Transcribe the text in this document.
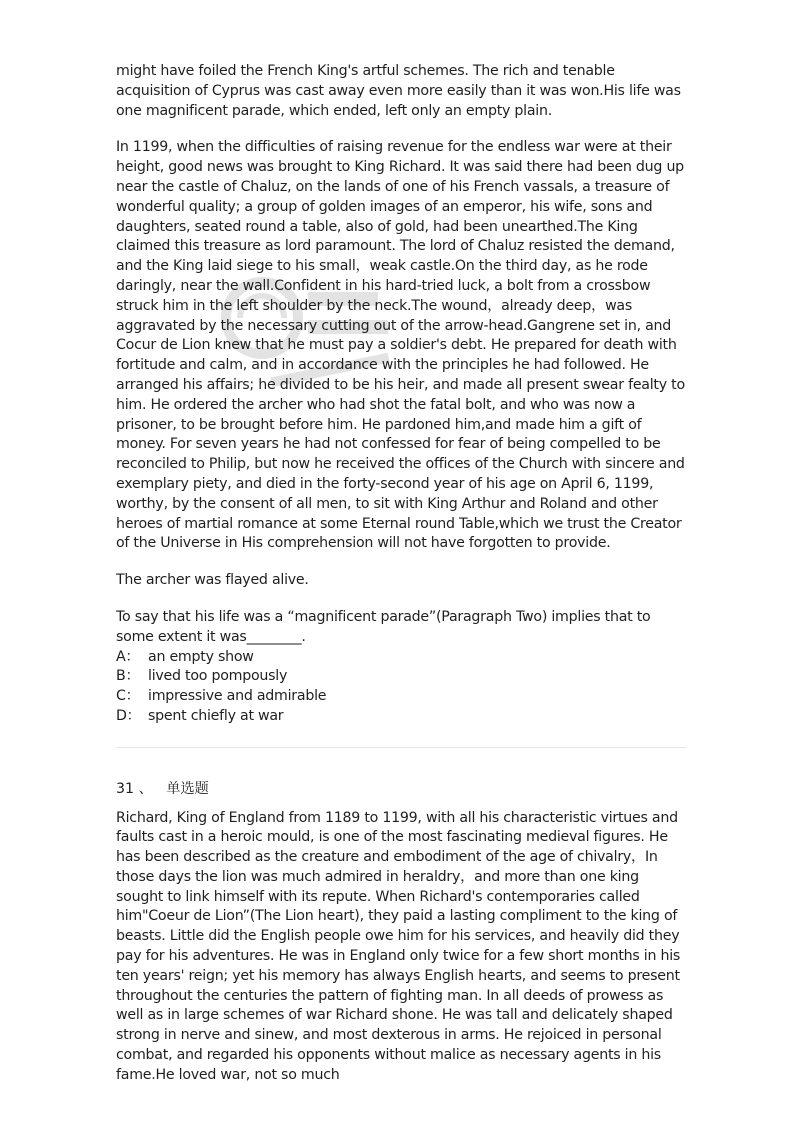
might have foiled the French King's artful schemes. The rich and tenable acquisition of Cyprus was cast away even more easily than it was won.His life was one magnificent parade, which ended, left only an empty plain.

In 1199, when the difficulties of raising revenue for the endless war were at their height, good news was brought to King Richard. It was said there had been dug up near the castle of Chaluz, on the lands of one of his French vassals, a treasure of wonderful quality; a group of golden images of an emperor, his wife, sons and daughters, seated round a table, also of gold, had been unearthed.The King claimed this treasure as lord paramount. The lord of Chaluz resisted the demand, and the King laid siege to his small，weak castle.On the third day, as he rode daringly, near the wall.Confident in his hard-tried luck, a bolt from a crossbow struck him in the left shoulder by the neck.The wound，already deep，was aggravated by the necessary cutting out of the arrow-head.Gangrene set in, and Cocur de Lion knew that he must pay a soldier's debt. He prepared for death with fortitude and calm, and in accordance with the principles he had followed. He arranged his affairs; he divided to be his heir, and made all present swear fealty to him. He ordered the archer who had shot the fatal bolt, and who was now a prisoner, to be brought before him. He pardoned him,and made him a gift of money. For seven years he had not confessed for fear of being compelled to be reconciled to Philip, but now he received the offices of the Church with sincere and exemplary piety, and died in the forty-second year of his age on April 6, 1199, worthy, by the consent of all men, to sit with King Arthur and Roland and other heroes of martial romance at some Eternal round Table,which we trust the Creator of the Universe in His comprehension will not have forgotten to provide.

The archer was flayed alive.

To say that his life was a “magnificent parade”(Paragraph Two) implies that to some extent it was________.

A： an empty show
B： lived too pompously
C： impressive and admirable
D： spent chiefly at war
31 、 单选题

Richard, King of England from 1189 to 1199, with all his characteristic virtues and faults cast in a heroic mould, is one of the most fascinating medieval figures. He has been described as the creature and embodiment of the age of chivalry，In those days the lion was much admired in heraldry，and more than one king sought to link himself with its repute. When Richard's contemporaries called him"Coeur de Lion”(The Lion heart), they paid a lasting compliment to the king of beasts. Little did the English people owe him for his services, and heavily did they pay for his adventures. He was in England only twice for a few short months in his ten years' reign; yet his memory has always English hearts, and seems to present throughout the centuries the pattern of fighting man. In all deeds of prowess as well as in large schemes of war Richard shone. He was tall and delicately shaped strong in nerve and sinew, and most dexterous in arms. He rejoiced in personal combat, and regarded his opponents without malice as necessary agents in his fame.He loved war, not so much
